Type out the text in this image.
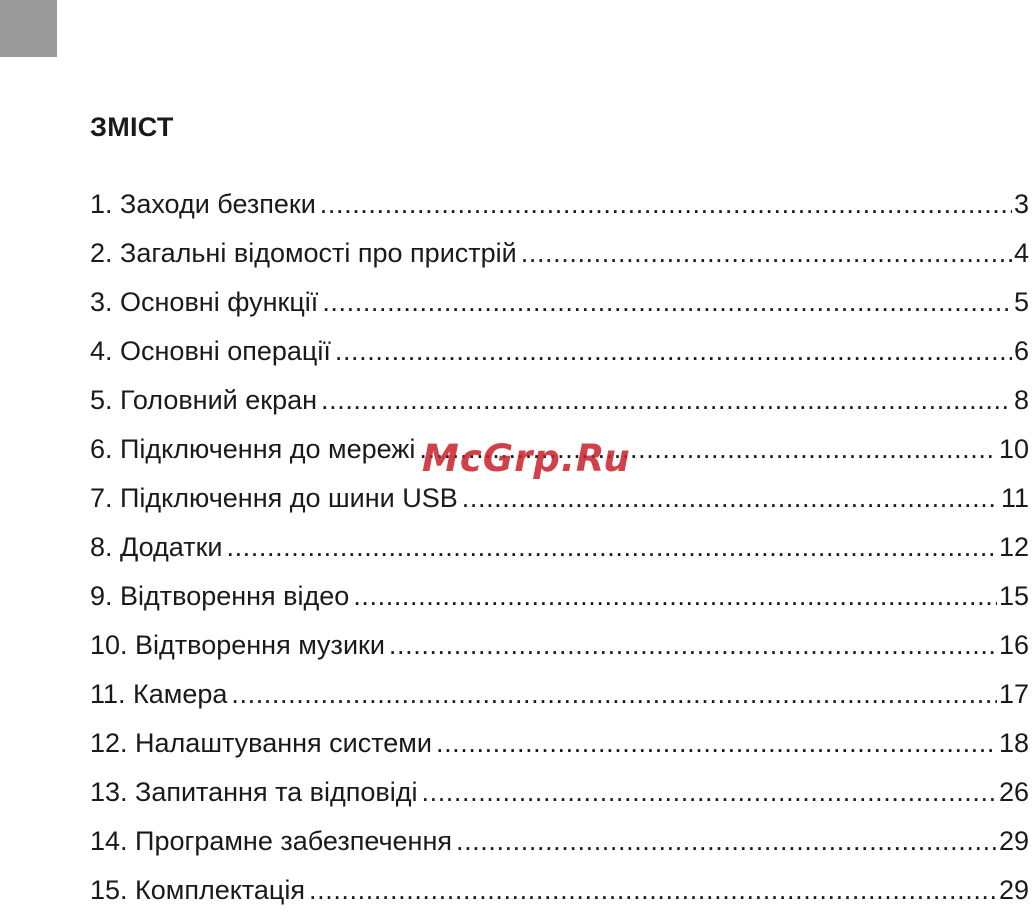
ЗМІСТ
1. Заходи безпеки .....	3
2. Загальні відомості про пристрій .....	4
3. Основні функції .....	5
4. Основні операції .....	6
5. Головний екран .....	8
6. Підключення до мережі .....	10
7. Підключення до шини USB .....	11
8. Додатки .....	12
9. Відтворення відео .....	15
10. Відтворення музики .....	16
11. Камера .....	17
12. Налаштування системи .....	18
13. Запитання та відповіді .....	26
14. Програмне забезпечення .....	29
15. Комплектація .....	29
McGrp.Ru
